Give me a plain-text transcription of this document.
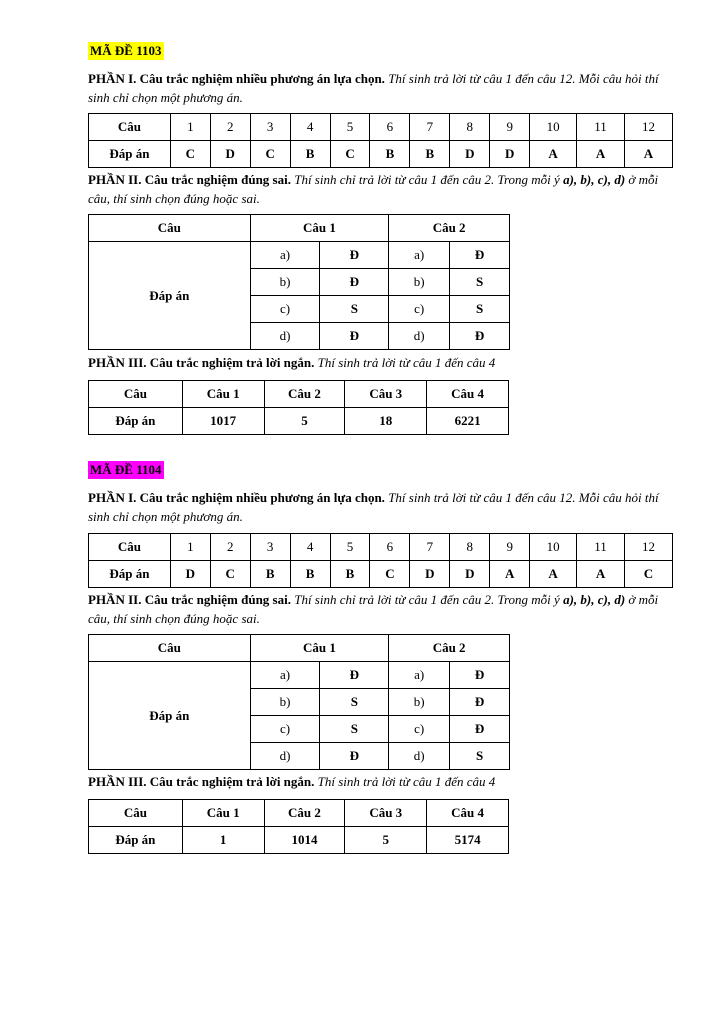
MÃ ĐỀ 1103
PHẦN I. Câu trắc nghiệm nhiều phương án lựa chọn. Thí sinh trả lời từ câu 1 đến câu 12. Mỗi câu hỏi thí sinh chỉ chọn một phương án.
Câu	1	2	3	4	5	6	7	8	9	10	11	12
Đáp án	C	D	C	B	C	B	B	D	D	A	A	A
PHẦN II. Câu trắc nghiệm đúng sai. Thí sinh chỉ trả lời từ câu 1 đến câu 2. Trong mỗi ý a), b), c), d) ở mỗi câu, thí sinh chọn đúng hoặc sai.
Câu	Câu 1		Câu 2	
Đáp án	a)	Đ	a)	Đ
	b)	Đ	b)	S
	c)	S	c)	S
	d)	Đ	d)	Đ
PHẦN III. Câu trắc nghiệm trả lời ngắn. Thí sinh trả lời từ câu 1 đến câu 4
Câu	Câu 1	Câu 2	Câu 3	Câu 4
Đáp án	1017	5	18	6221
MÃ ĐỀ 1104
PHẦN I. Câu trắc nghiệm nhiều phương án lựa chọn. Thí sinh trả lời từ câu 1 đến câu 12. Mỗi câu hỏi thí sinh chỉ chọn một phương án.
Câu	1	2	3	4	5	6	7	8	9	10	11	12
Đáp án	D	C	B	B	B	C	D	D	A	A	A	C
PHẦN II. Câu trắc nghiệm đúng sai. Thí sinh chỉ trả lời từ câu 1 đến câu 2. Trong mỗi ý a), b), c), d) ở mỗi câu, thí sinh chọn đúng hoặc sai.
Câu	Câu 1		Câu 2	
Đáp án	a)	Đ	a)	Đ
	b)	S	b)	Đ
	c)	S	c)	Đ
	d)	Đ	d)	S
PHẦN III. Câu trắc nghiệm trả lời ngắn. Thí sinh trả lời từ câu 1 đến câu 4
Câu	Câu 1	Câu 2	Câu 3	Câu 4
Đáp án	1	1014	5	5174
